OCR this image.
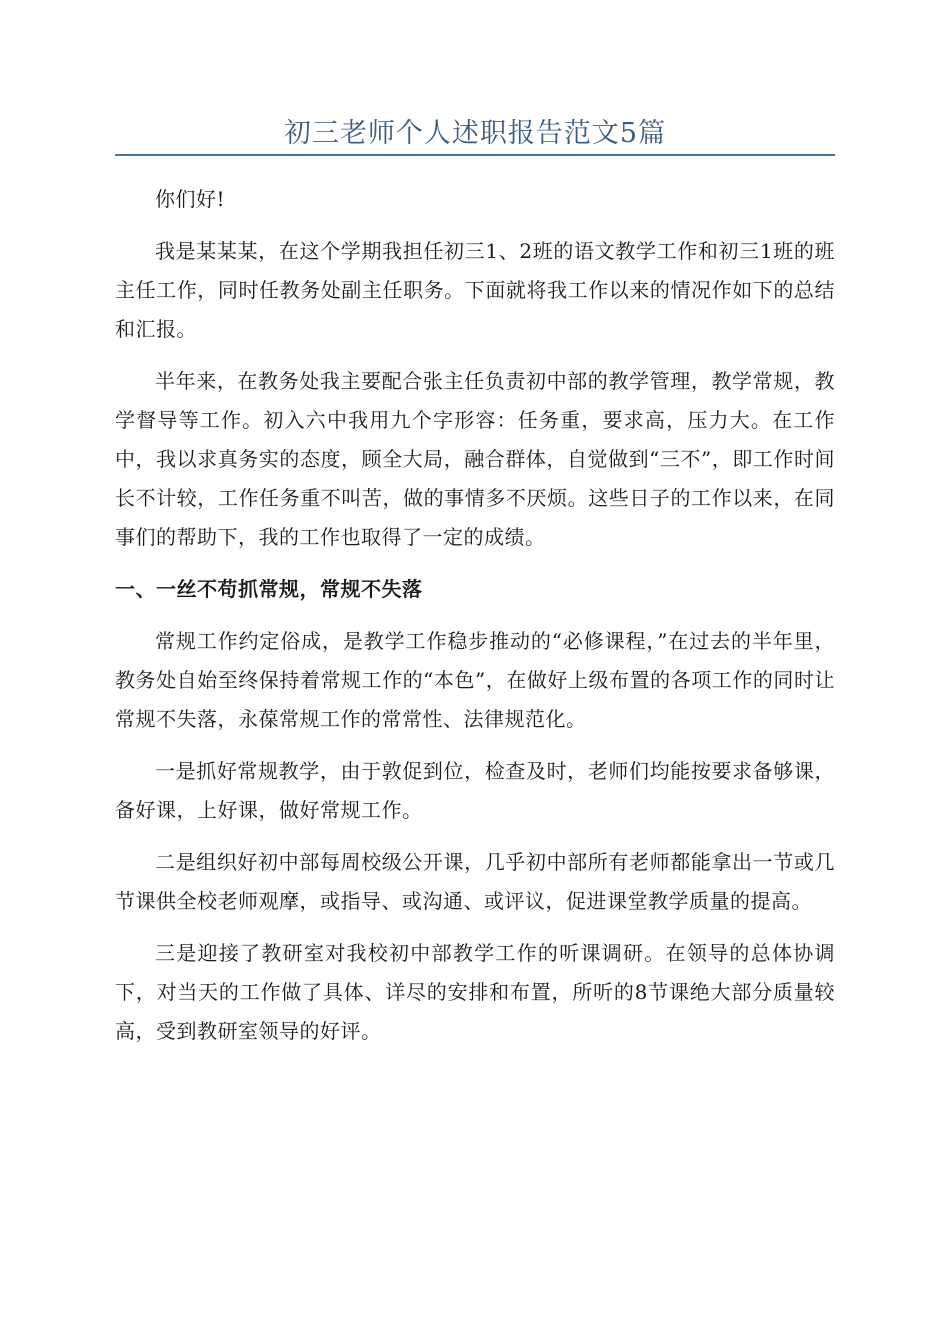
初三老师个人述职报告范文5篇

你们好!

我是某某某，在这个学期我担任初三1、2班的语文教学工作和初三1班的班主任工作，同时任教务处副主任职务。下面就将我工作以来的情况作如下的总结和汇报。

半年来，在教务处我主要配合张主任负责初中部的教学管理，教学常规，教学督导等工作。初入六中我用九个字形容：任务重，要求高，压力大。在工作中，我以求真务实的态度，顾全大局，融合群体，自觉做到“三不”，即工作时间长不计较，工作任务重不叫苦，做的事情多不厌烦。这些日子的工作以来，在同事们的帮助下，我的工作也取得了一定的成绩。

一、一丝不苟抓常规，常规不失落

常规工作约定俗成，是教学工作稳步推动的“必修课程，”在过去的半年里，教务处自始至终保持着常规工作的“本色”，在做好上级布置的各项工作的同时让常规不失落，永葆常规工作的常常性、法律规范化。

一是抓好常规教学，由于敦促到位，检查及时，老师们均能按要求备够课，备好课，上好课，做好常规工作。

二是组织好初中部每周校级公开课，几乎初中部所有老师都能拿出一节或几节课供全校老师观摩，或指导、或沟通、或评议，促进课堂教学质量的提高。

三是迎接了教研室对我校初中部教学工作的听课调研。在领导的总体协调下，对当天的工作做了具体、详尽的安排和布置，所听的8节课绝大部分质量较高，受到教研室领导的好评。
